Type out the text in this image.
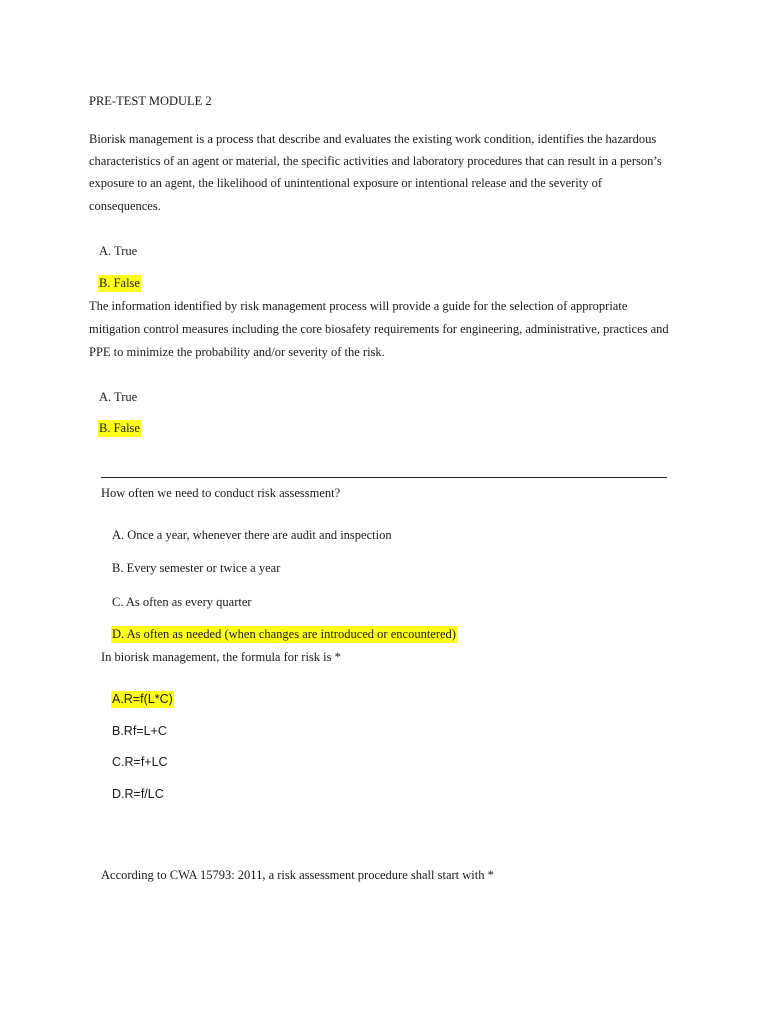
PRE-TEST MODULE 2

Biorisk management is a process that describe and evaluates the existing work condition, identifies the hazardous

characteristics of an agent or material, the specific activities and laboratory procedures that can result in a person’s

exposure to an agent, the likelihood of unintentional exposure or intentional release and the severity of

consequences.

A. True

B. False

The information identified by risk management process will provide a guide for the selection of appropriate

mitigation control measures including the core biosafety requirements for engineering, administrative, practices and

PPE to minimize the probability and/or severity of the risk.

A. True

B. False

How often we need to conduct risk assessment?

A. Once a year, whenever there are audit and inspection

B. Every semester or twice a year

C. As often as every quarter

D. As often as needed (when changes are introduced or encountered)

In biorisk management, the formula for risk is *

A.R=f(L*C)

B.Rf=L+C

C.R=f+LC

D.R=f/LC

According to CWA 15793: 2011, a risk assessment procedure shall start with *
